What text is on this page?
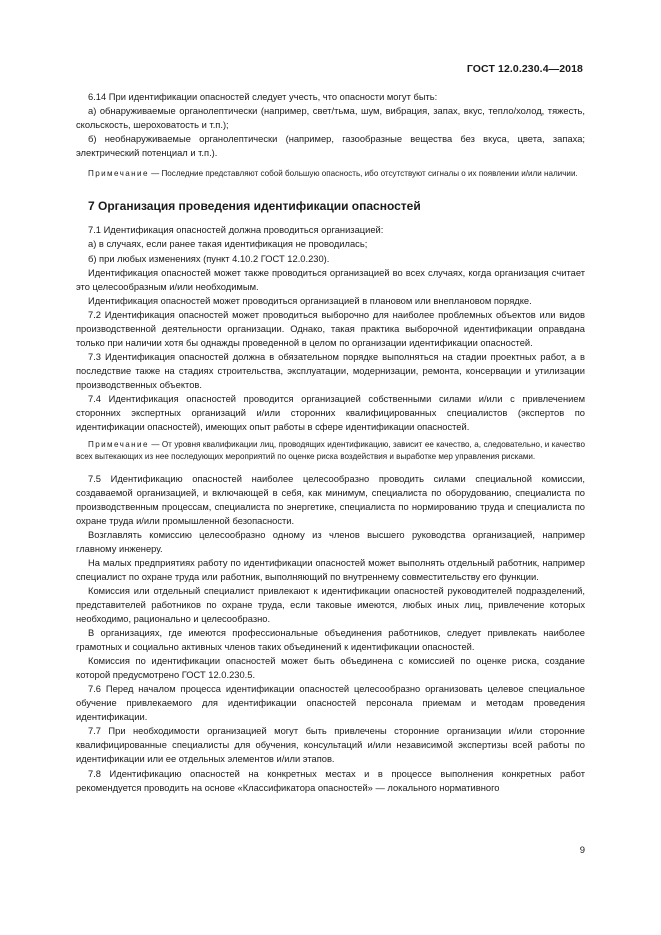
ГОСТ 12.0.230.4—2018

6.14 При идентификации опасностей следует учесть, что опасности могут быть:

а) обнаруживаемые органолептически (например, свет/тьма, шум, вибрация, запах, вкус, тепло/холод, тяжесть, скольскость, шероховатость и т.п.);

б) необнаруживаемые органолептически (например, газообразные вещества без вкуса, цвета, запаха; электрический потенциал и т.п.).

Примечание — Последние представляют собой большую опасность, ибо отсутствуют сигналы о их появлении и/или наличии.

7 Организация проведения идентификации опасностей

7.1 Идентификация опасностей должна проводиться организацией:

а) в случаях, если ранее такая идентификация не проводилась;

б) при любых изменениях (пункт 4.10.2 ГОСТ 12.0.230).

Идентификация опасностей может также проводиться организацией во всех случаях, когда организация считает это целесообразным и/или необходимым.

Идентификация опасностей может проводиться организацией в плановом или внеплановом порядке.

7.2 Идентификация опасностей может проводиться выборочно для наиболее проблемных объектов или видов производственной деятельности организации. Однако, такая практика выборочной идентификации оправдана только при наличии хотя бы однажды проведенной в целом по организации идентификации опасностей.

7.3 Идентификация опасностей должна в обязательном порядке выполняться на стадии проектных работ, а в последствие также на стадиях строительства, эксплуатации, модернизации, ремонта, консервации и утилизации производственных объектов.

7.4 Идентификация опасностей проводится организацией собственными силами и/или с привлечением сторонних экспертных организаций и/или сторонних квалифицированных специалистов (экспертов по идентификации опасностей), имеющих опыт работы в сфере идентификации опасностей.

Примечание — От уровня квалификации лиц, проводящих идентификацию, зависит ее качество, а, следовательно, и качество всех вытекающих из нее последующих мероприятий по оценке риска воздействия и выработке мер управления рисками.

7.5 Идентификацию опасностей наиболее целесообразно проводить силами специальной комиссии, создаваемой организацией, и включающей в себя, как минимум, специалиста по оборудованию, специалиста по производственным процессам, специалиста по энергетике, специалиста по нормированию труда и специалиста по охране труда и/или промышленной безопасности.

Возглавлять комиссию целесообразно одному из членов высшего руководства организацией, например главному инженеру.

На малых предприятиях работу по идентификации опасностей может выполнять отдельный работник, например специалист по охране труда или работник, выполняющий по внутреннему совместительству его функции.

Комиссия или отдельный специалист привлекают к идентификации опасностей руководителей подразделений, представителей работников по охране труда, если таковые имеются, любых иных лиц, привлечение которых необходимо, рационально и целесообразно.

В организациях, где имеются профессиональные объединения работников, следует привлекать наиболее грамотных и социально активных членов таких объединений к идентификации опасностей.

Комиссия по идентификации опасностей может быть объединена с комиссией по оценке риска, создание которой предусмотрено ГОСТ 12.0.230.5.

7.6 Перед началом процесса идентификации опасностей целесообразно организовать целевое специальное обучение привлекаемого для идентификации опасностей персонала приемам и методам проведения идентификации.

7.7 При необходимости организацией могут быть привлечены сторонние организации и/или сторонние квалифицированные специалисты для обучения, консультаций и/или независимой экспертизы всей работы по идентификации или ее отдельных элементов и/или этапов.

7.8 Идентификацию опасностей на конкретных местах и в процессе выполнения конкретных работ рекомендуется проводить на основе «Классификатора опасностей» — локального нормативного

9
